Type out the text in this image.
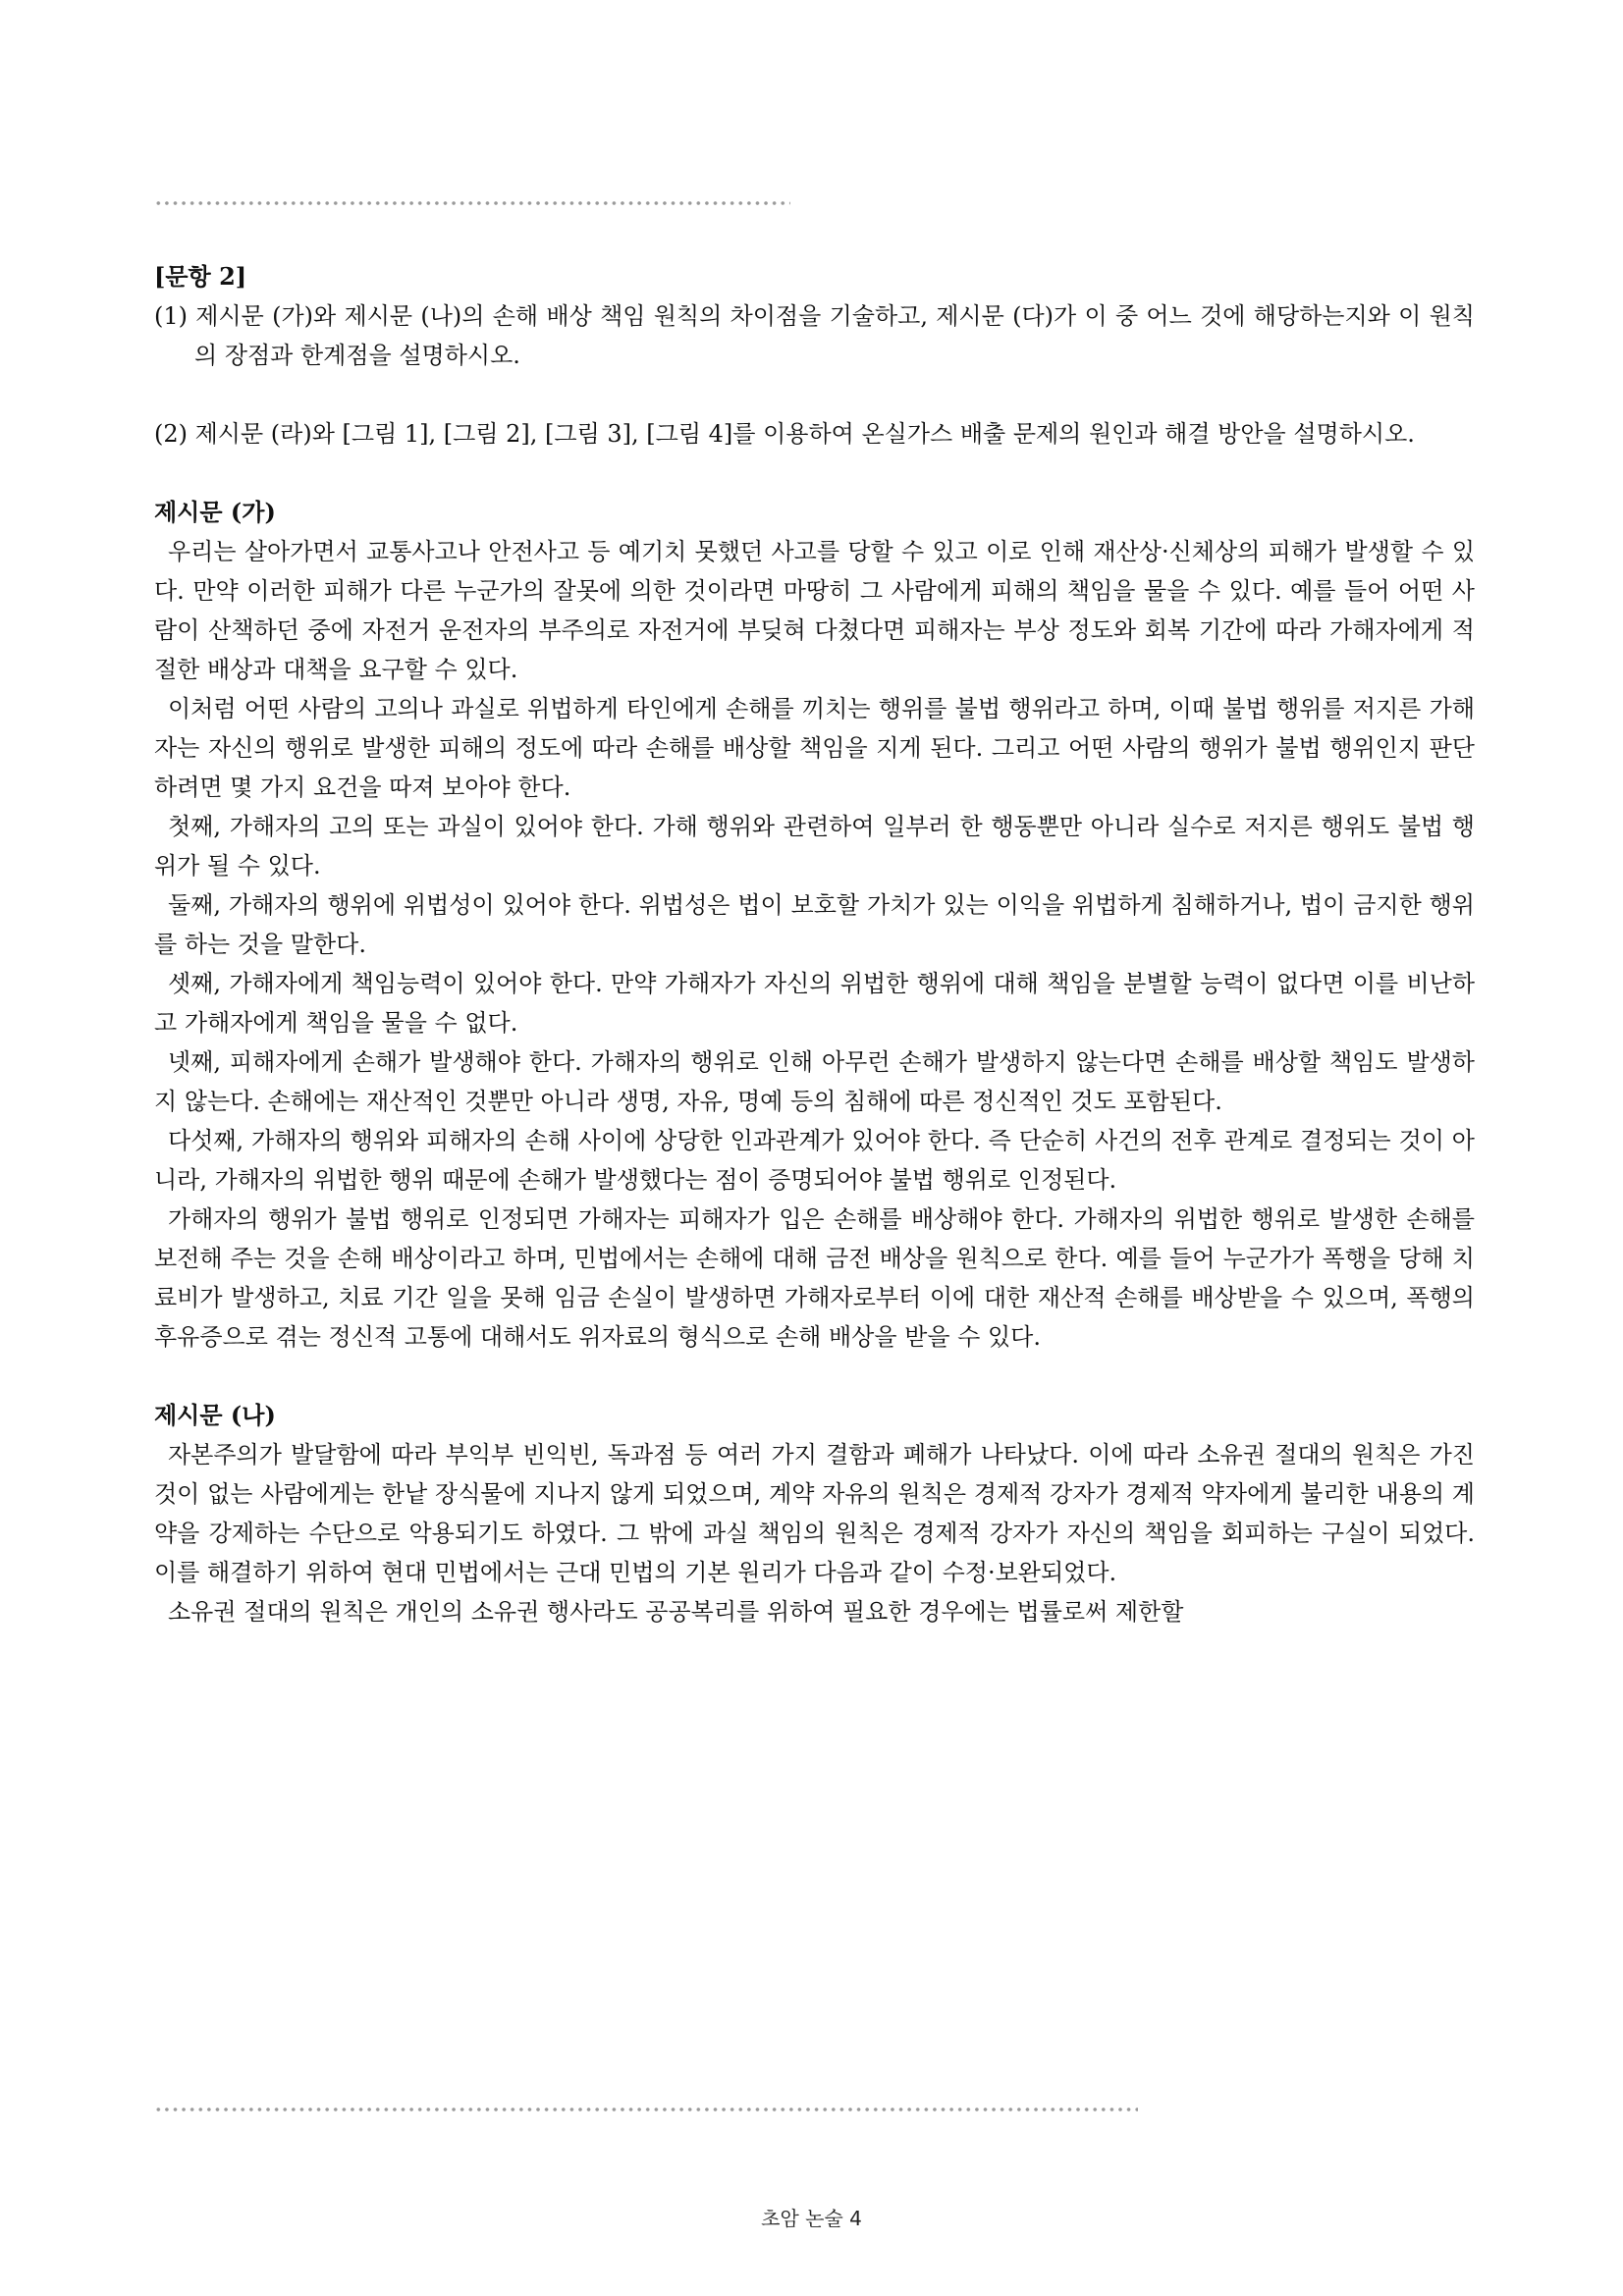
[문항 2]

(1) 제시문 (가)와 제시문 (나)의 손해 배상 책임 원칙의 차이점을 기술하고, 제시문 (다)가 이 중 어느 것에 해당하는지와 이 원칙의 장점과 한계점을 설명하시오.

(2) 제시문 (라)와 [그림 1], [그림 2], [그림 3], [그림 4]를 이용하여 온실가스 배출 문제의 원인과 해결 방안을 설명하시오.

제시문 (가)

우리는 살아가면서 교통사고나 안전사고 등 예기치 못했던 사고를 당할 수 있고 이로 인해 재산상·신체상의 피해가 발생할 수 있다. 만약 이러한 피해가 다른 누군가의 잘못에 의한 것이라면 마땅히 그 사람에게 피해의 책임을 물을 수 있다. 예를 들어 어떤 사람이 산책하던 중에 자전거 운전자의 부주의로 자전거에 부딪혀 다쳤다면 피해자는 부상 정도와 회복 기간에 따라 가해자에게 적절한 배상과 대책을 요구할 수 있다.

이처럼 어떤 사람의 고의나 과실로 위법하게 타인에게 손해를 끼치는 행위를 불법 행위라고 하며, 이때 불법 행위를 저지른 가해자는 자신의 행위로 발생한 피해의 정도에 따라 손해를 배상할 책임을 지게 된다. 그리고 어떤 사람의 행위가 불법 행위인지 판단하려면 몇 가지 요건을 따져 보아야 한다.

첫째, 가해자의 고의 또는 과실이 있어야 한다. 가해 행위와 관련하여 일부러 한 행동뿐만 아니라 실수로 저지른 행위도 불법 행위가 될 수 있다.

둘째, 가해자의 행위에 위법성이 있어야 한다. 위법성은 법이 보호할 가치가 있는 이익을 위법하게 침해하거나, 법이 금지한 행위를 하는 것을 말한다.

셋째, 가해자에게 책임능력이 있어야 한다. 만약 가해자가 자신의 위법한 행위에 대해 책임을 분별할 능력이 없다면 이를 비난하고 가해자에게 책임을 물을 수 없다.

넷째, 피해자에게 손해가 발생해야 한다. 가해자의 행위로 인해 아무런 손해가 발생하지 않는다면 손해를 배상할 책임도 발생하지 않는다. 손해에는 재산적인 것뿐만 아니라 생명, 자유, 명예 등의 침해에 따른 정신적인 것도 포함된다.

다섯째, 가해자의 행위와 피해자의 손해 사이에 상당한 인과관계가 있어야 한다. 즉 단순히 사건의 전후 관계로 결정되는 것이 아니라, 가해자의 위법한 행위 때문에 손해가 발생했다는 점이 증명되어야 불법 행위로 인정된다.

가해자의 행위가 불법 행위로 인정되면 가해자는 피해자가 입은 손해를 배상해야 한다. 가해자의 위법한 행위로 발생한 손해를 보전해 주는 것을 손해 배상이라고 하며, 민법에서는 손해에 대해 금전 배상을 원칙으로 한다. 예를 들어 누군가가 폭행을 당해 치료비가 발생하고, 치료 기간 일을 못해 임금 손실이 발생하면 가해자로부터 이에 대한 재산적 손해를 배상받을 수 있으며, 폭행의 후유증으로 겪는 정신적 고통에 대해서도 위자료의 형식으로 손해 배상을 받을 수 있다.

제시문 (나)

자본주의가 발달함에 따라 부익부 빈익빈, 독과점 등 여러 가지 결함과 폐해가 나타났다. 이에 따라 소유권 절대의 원칙은 가진 것이 없는 사람에게는 한낱 장식물에 지나지 않게 되었으며, 계약 자유의 원칙은 경제적 강자가 경제적 약자에게 불리한 내용의 계약을 강제하는 수단으로 악용되기도 하였다. 그 밖에 과실 책임의 원칙은 경제적 강자가 자신의 책임을 회피하는 구실이 되었다. 이를 해결하기 위하여 현대 민법에서는 근대 민법의 기본 원리가 다음과 같이 수정·보완되었다.

소유권 절대의 원칙은 개인의 소유권 행사라도 공공복리를 위하여 필요한 경우에는 법률로써 제한할

초암 논술 4
